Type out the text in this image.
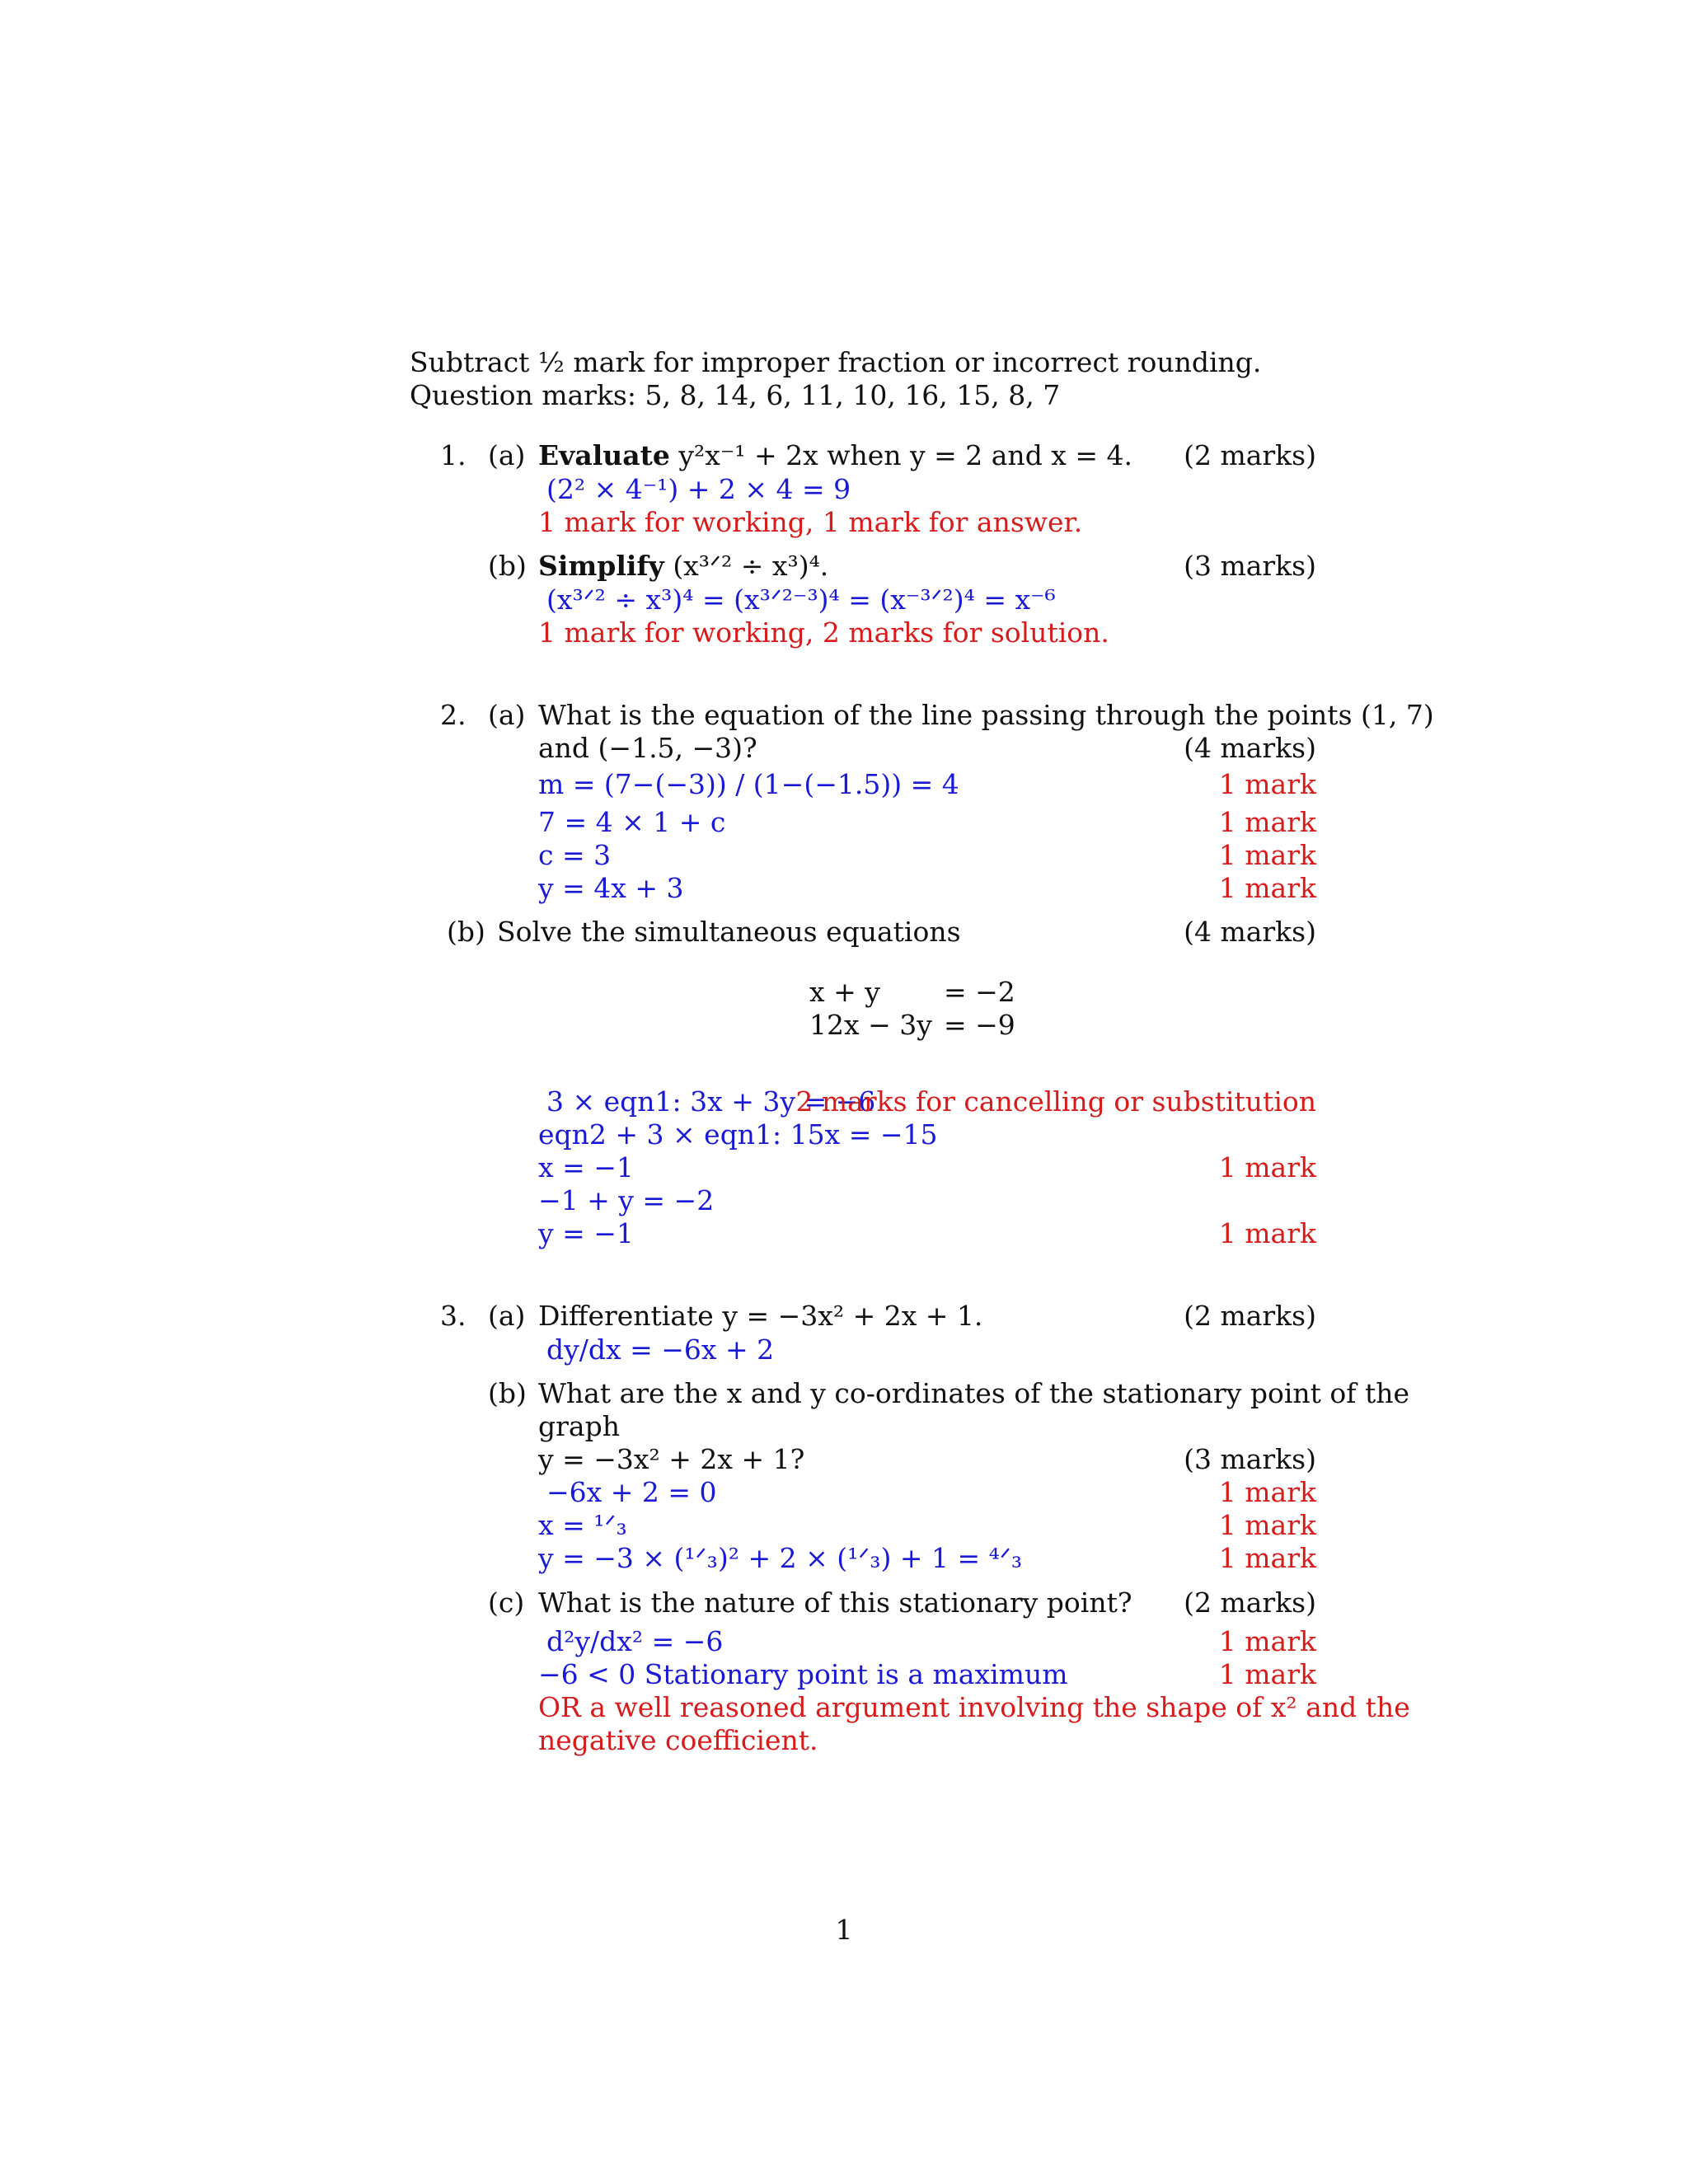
Subtract ½ mark for improper fraction or incorrect rounding.
Question marks: 5, 8, 14, 6, 11, 10, 16, 15, 8, 7
1. (a) Evaluate y²x⁻¹ + 2x when y = 2 and x = 4.	(2 marks)
(2² × 4⁻¹) + 2 × 4 = 9
1 mark for working, 1 mark for answer.
(b) Simplify (x³ᐟ² ÷ x³)⁴.	(3 marks)
(x³ᐟ² ÷ x³)⁴ = (x³ᐟ²⁻³)⁴ = (x⁻³ᐟ²)⁴ = x⁻⁶
1 mark for working, 2 marks for solution.
2. (a) What is the equation of the line passing through the points (1, 7)
and (−1.5, −3)?	(4 marks)
m = (7−(−3)) / (1−(−1.5)) = 4	1 mark
7 = 4 × 1 + c	1 mark
c = 3	1 mark
y = 4x + 3	1 mark
(b) Solve the simultaneous equations	(4 marks)
x + y = −2
12x − 3y = −9
3 × eqn1: 3x + 3y = −6
2 marks for cancelling or substitution
eqn2 + 3 × eqn1: 15x = −15
x = −1	1 mark
−1 + y = −2
y = −1	1 mark
3. (a) Differentiate y = −3x² + 2x + 1.	(2 marks)
dy/dx = −6x + 2
(b) What are the x and y co-ordinates of the stationary point of the
graph
y = −3x² + 2x + 1?	(3 marks)
−6x + 2 = 0	1 mark
x = ¹ᐟ₃	1 mark
y = −3 × (¹ᐟ₃)² + 2 × (¹ᐟ₃) + 1 = ⁴ᐟ₃	1 mark
(c) What is the nature of this stationary point?	(2 marks)
d²y/dx² = −6	1 mark
−6 < 0 Stationary point is a maximum	1 mark
OR a well reasoned argument involving the shape of x² and the
negative coefficient.
1
